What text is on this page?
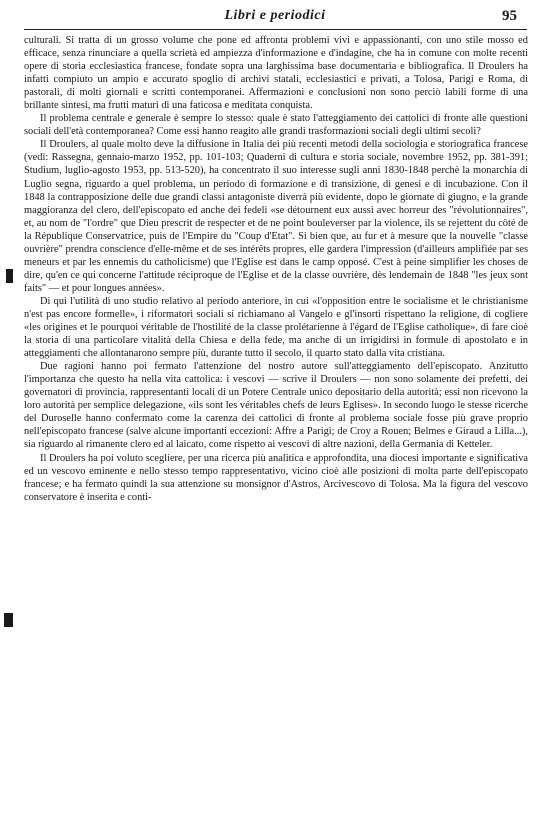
Libri e periodici	95

culturali. Si tratta di un grosso volume che pone ed affronta problemi vivi e appassionanti, con uno stile mosso ed efficace, senza rinunciare a quella scrietà ed ampiezza d'informazione e d'indagine, che ha in comune con molte recenti opere di storia ecclesiastica francese, fondate sopra una larghissima base documentaria e bibliografica. Il Droulers ha infatti compiuto un ampio e accurato spoglio di archivi statali, ecclesiastici e privati, a Tolosa, Parigi e Roma, di pastorali, di molti giornali e scritti contemporanei. Affermazioni e conclusioni non sono perciò labili forme di una brillante sintesi, ma frutti maturi di una faticosa e meditata conquista.

Il problema centrale e generale è sempre lo stesso: quale è stato l'atteggiamento dei cattolici di fronte alle questioni sociali dell'età contemporanea? Come essi hanno reagito alle grandi trasformazioni sociali degli ultimi secoli?

Il Droulers, al quale molto deve la diffusione in Italia dei più recenti metodi della sociologia e storiografica francese (vedi: Rassegna, gennaio-marzo 1952, pp. 101-103; Quaderni di cultura e storia sociale, novembre 1952, pp. 381-391; Studium, luglio-agosto 1953, pp. 513-520), ha concentrato il suo interesse sugli anni 1830-1848 perchè la monarchia di Luglio segna, riguardo a quel problema, un periodo di formazione e di transizione, di genesi e di incubazione. Con il 1848 la contrapposizione delle due grandi classi antagoniste diverrà più evidente, dopo le giornate di giugno, e la grande maggioranza del clero, dell'episcopato ed anche dei fedeli «se détournent eux aussi avec horreur des "révolutionnaires", et, au nom de "l'ordre" que Dieu prescrit de respecter et de ne point bouleverser par la violence, ils se rejettent du côté de la République Conservatrice, puis de l'Empire du "Coup d'Etat". Si bien que, au fur et à mesure que la nouvelle "classe ouvrière" prendra conscience d'elle-même et de ses intérêts propres, elle gardera l'impression (d'ailleurs amplifiée par ses meneurs et par les ennemis du catholicisme) que l'Eglise est dans le camp opposé. C'est à peine simplifier les choses de dire, qu'en ce qui concerne l'attitude réciproque de l'Eglise et de la classe ouvrière, dès lendemain de 1848 "les jeux sont faits" — et pour longues années».

Di qui l'utilità di uno studio relativo al periodo anteriore, in cui «l'opposition entre le socialisme et le christianisme n'est pas encore formelle», i riformatori sociali si richiamano al Vangelo e gl'insorti rispettano la religione, di cogliere «les origines et le pourquoi véritable de l'hostilité de la classe prolétarienne à l'égard de l'Eglise catholique», di fare cioè la storia di una particolare vitalità della Chiesa e della fede, ma anche di un irrigidirsi in formule di apostolato e in atteggiamenti che allontanarono sempre più, durante tutto il secolo, il quarto stato dalla vita cristiana.

Due ragioni hanno poi fermato l'attenzione del nostro autore sull'atteggiamento dell'episcopato. Anzitutto l'importanza che questo ha nella vita cattolica: i vescovi — scrive il Droulers — non sono solamente dei prefetti, dei governatori di provincia, rappresentanti locali di un Potere Centrale unico depositario della autorità; essi non ricevono la loro autorità per semplice delegazione, «ils sont les véritables chefs de leurs Eglises». In secondo luogo le stesse ricerche del Duroselle hanno confermato come la carenza dei cattolici di fronte al problema sociale fosse più grave proprio nell'episcopato francese (salve alcune importanti eccezioni: Affre a Parigi; de Croy a Rouen; Belmes e Giraud a Lilla...), sia riguardo al rimanente clero ed al laicato, come rispetto ai vescovi di altre nazioni, della Germania di Ketteler.

Il Droulers ha poi voluto scegliere, per una ricerca più analitica e approfondita, una diocesi importante e significativa ed un vescovo eminente e nello stesso tempo rappresentativo, vicino cioè alle posizioni di molta parte dell'episcopato francese; e ha fermato quindi la sua attenzione su monsignor d'Astros, Arcivescovo di Tolosa. Ma la figura del vescovo conservatore è inserita e conti-
